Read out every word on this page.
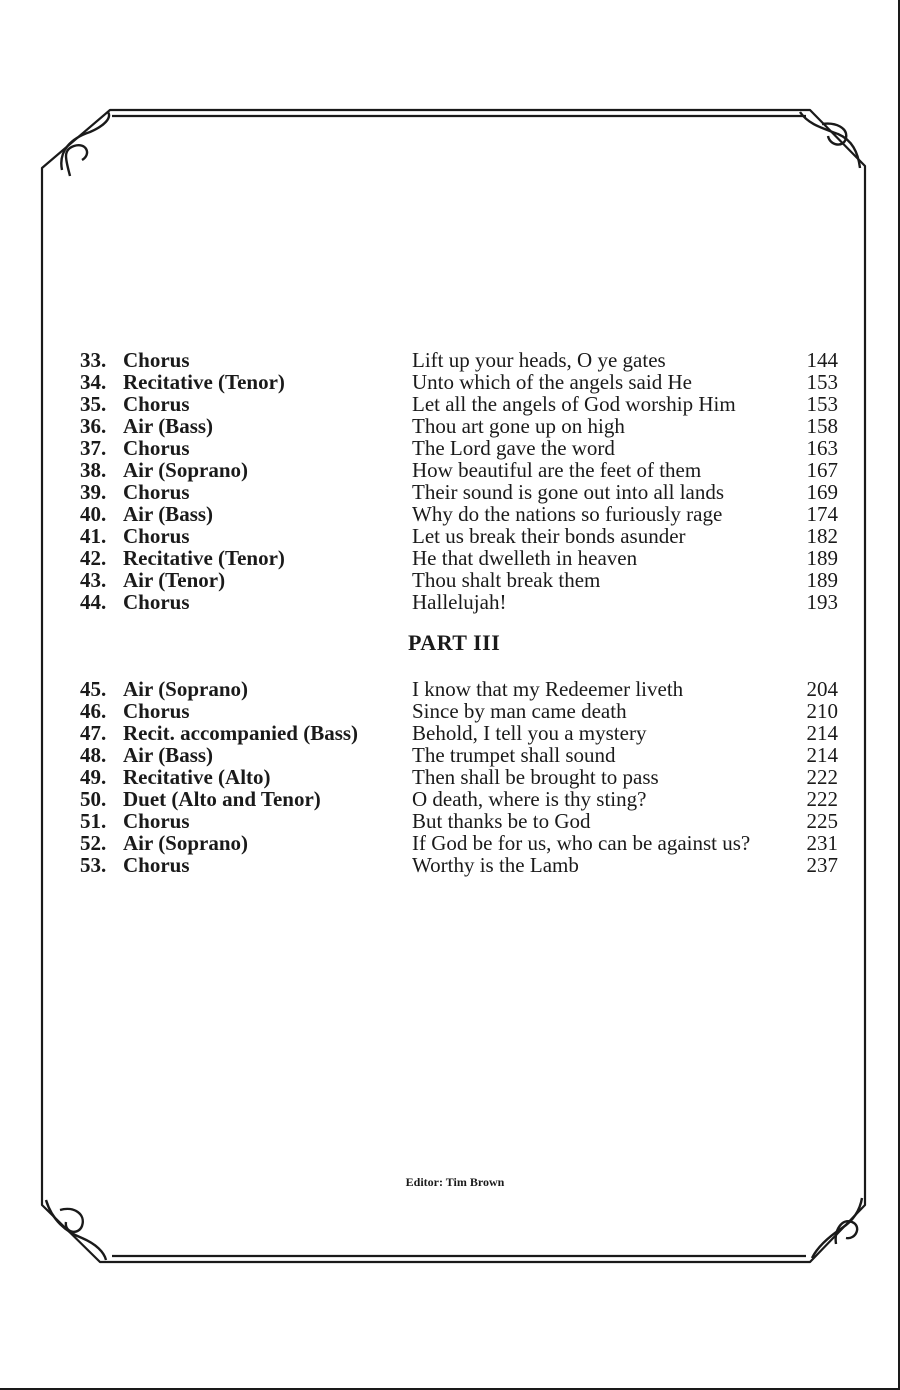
33. Chorus	Lift up your heads, O ye gates	144
34. Recitative (Tenor)	Unto which of the angels said He	153
35. Chorus	Let all the angels of God worship Him	153
36. Air (Bass)	Thou art gone up on high	158
37. Chorus	The Lord gave the word	163
38. Air (Soprano)	How beautiful are the feet of them	167
39. Chorus	Their sound is gone out into all lands	169
40. Air (Bass)	Why do the nations so furiously rage	174
41. Chorus	Let us break their bonds asunder	182
42. Recitative (Tenor)	He that dwelleth in heaven	189
43. Air (Tenor)	Thou shalt break them	189
44. Chorus	Hallelujah!	193
PART III
45. Air (Soprano)	I know that my Redeemer liveth	204
46. Chorus	Since by man came death	210
47. Recit. accompanied (Bass)	Behold, I tell you a mystery	214
48. Air (Bass)	The trumpet shall sound	214
49. Recitative (Alto)	Then shall be brought to pass	222
50. Duet (Alto and Tenor)	O death, where is thy sting?	222
51. Chorus	But thanks be to God	225
52. Air (Soprano)	If God be for us, who can be against us?	231
53. Chorus	Worthy is the Lamb	237
Editor: Tim Brown
